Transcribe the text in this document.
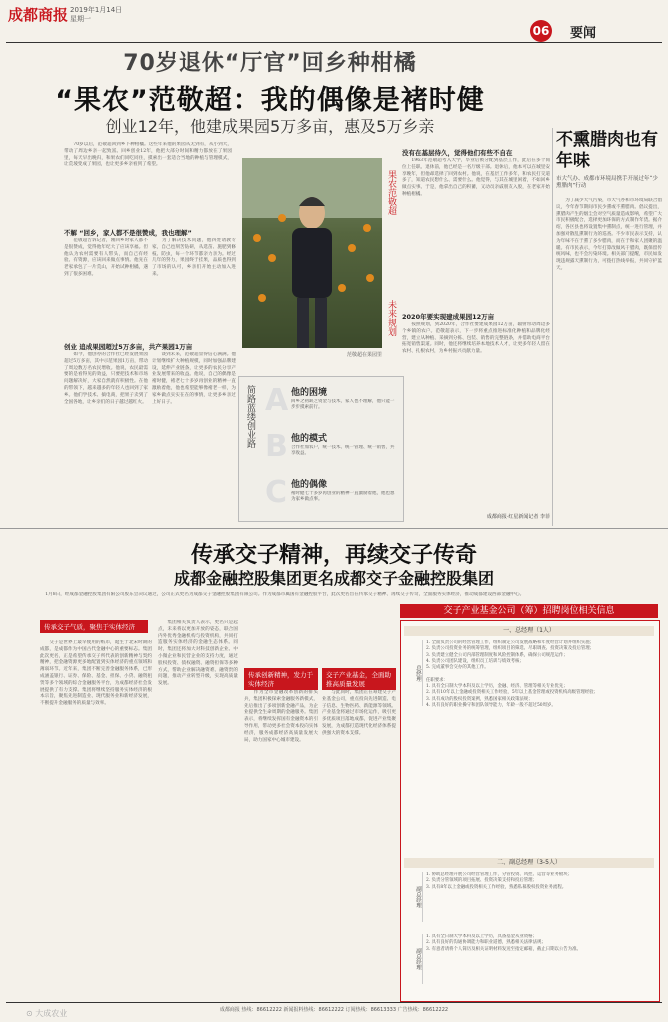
成都商报 2019年1月14日
星期一
06 要闻
70岁退休“厅官”回乡种柑橘
“果农”范敬超：我的偶像是褚时健
创业12年，他建成果园5万多亩，惠及5万乡亲
　　70岁以后，范敬超回到乡下种柑橘。这些年来他的果园从无到有，从小到大，带动了周边乡亲一起致富。回乡创业12年，他把大部分时间和精力都放在了果园里，每天早出晚归，和果农们同吃同住，摸索出一套适合当地的种植与管理模式，让荒坡变成了果园，也让更多乡亲看到了希望。
不解 “回乡，家人都不是很赞成，我也理解”
　　范敬超告诉记者，刚回乡时家人都不是很赞成，觉得他年纪大了应该享福。但他认为农村需要有人带头，而自己有经验、有资源，应该回来做点事情。他先在老家承包了一片荒山，开始试种柑橘，遇到了很多困难。
　　为了解决技术问题，他四处请教专家，自己也刻苦钻研，从选苗、施肥到修枝、防虫，每一个环节都亲力亲为。经过几年的努力，果园终于挂果，品质也得到了市场的认可，乡亲们开始主动加入进来。
创业 追成果园超过5万多亩，共产果园1万亩
　　如今，他创办的合作社已经发展果园超过5万多亩，其中示范果园1万亩，带动了周边数万名农民增收。他说，农民最需要的是看得见的效益，只要把技术和市场问题解决好，大家自然就有积极性。在他的带领下，越来越多的年轻人也回到了家乡。他们学技术、搞电商，把果子卖到了全国各地，让乡亲们的日子越过越红火。
　　谈到未来，范敬超显得信心满满。他计划继续扩大种植规模，同时加强品牌建设，延伸产业链条，让更多的农民分享产业发展带来的收益。他说，自己的偶像是褚时健，褚老七十多岁再创业的精神一直激励着他，他也希望能够像褚老一样，为家乡做点实实在在的事情，让更多乡亲过上好日子。
范敬超在果园里
果农范敬超
未来规划
没有在基层待久，觉得他们有些不自在
　　1963年范敬超考入大学，毕业后被分配到基层工作，此后在多个岗位上任职。退休前，他已经是一名厅级干部。退休后，他本可以在城里安享晚年，但他却选择了回到农村。他说，在基层工作多年，和农民打交道多了，知道农民想什么、需要什么。他觉得，与其在城里闲着，不如回乡做点实事。于是，他拿出自己的积蓄，又动员亲戚朋友入股，在老家开始种植柑橘。
2020年要实现建成果园12万亩
　　按照规划，到2020年，合作社要建成果园12万亩，辐射带动周边多个乡镇的农户。范敬超表示，下一步将重点推进标准化种植和品牌化经营，建立从种植、采摘到分拣、包装、销售的完整链条，并借助电商平台拓宽销售渠道。同时，他还将继续培养本地技术人才，让更多年轻人留在农村、扎根农村，为乡村振兴贡献力量。
成都商报·红星新闻记者 李菲
不熏腊肉也有年味
市大气办、成都市环境局携手开展过年“少熏腊肉”行动
　　为了减少大气污染，市大气办和市环境局联合倡议，今年春节期间市民少熏或不熏腊肉。倡议提出，熏腊肉产生的烟尘会对空气质量造成影响，希望广大市民积极配合，选择更加环保的方式制作年货。据介绍，各区县也将设置集中熏制点，统一进行管理，并加强对散乱熏制行为的巡查。不少市民表示支持，认为年味不在于熏了多少腊肉，而在于和家人团聚的温暖。有市民表示，今年打算改做风干腊肉，既保留传统风味，也不会污染环境。相关部门提醒，市民如发现违规露天熏制行为，可拨打热线举报，共同守护蓝天。
简路蓝缕创业路 A 他的困境
回乡之初缺乏资金与技术，家人也不理解，他只能一步步摸索前行。
B 他的模式
合作社加农户，统一技术、统一管理、统一销售，共享收益。
C 他的偶像
褚时健七十多岁再创业的精神一直激励着他，他也想为家乡做点事。
传承交子精神，再续交子传奇
成都金融控股集团更名成都交子金融控股集团
　　1月8日，经成都金融控股集团有限公司股东会决议通过，公司正式更名为成都交子金融控股集团有限公司。作为成都市属国有金融控股平台，此次更名旨在传承交子精神、再续交子传奇，全面服务实体经济，推动成都建设西部金融中心。
传承交子气质，聚焦于实体经济
　　交子是世界上最早使用的纸币，诞生于北宋时期的成都，是成都作为中国古代金融中心的重要标志。集团此次更名，正是希望传承交子所代表的创新精神与契约精神，把金融资源更多地配置到实体经济的重点领域和薄弱环节。近年来，集团不断完善金融服务体系，已形成涵盖银行、证券、保险、基金、担保、小贷、融资租赁等多个领域的综合金融服务平台，为成都经济社会发展提供了有力支撑。集团将继续坚持服务实体经济的根本宗旨，聚焦先进制造业、现代服务业和新经济发展，不断提升金融服务的质量与效率。
　　集团相关负责人表示，更名只是起点，未来将以更加开放的姿态，联合国内外优秀金融机构与投资机构，共同打造服务实体经济的金融生态体系。同时，集团还将加大对科技创新企业、中小微企业和民营企业的支持力度，通过股权投资、债权融资、融资担保等多种方式，帮助企业解决融资难、融资贵的问题，推动产业转型升级，实现高质量发展。
传承创新精神，发力于实体经济
　　作为全市金融改革创新的排头兵，集团积极探索金融服务新模式，先后推出了多项创新金融产品，为企业提供全生命周期的金融服务。集团表示，将继续发挥国有金融资本的引导作用，带动更多社会资本投向实体经济，服务成都经济高质量发展大局，助力国家中心城市建设。
交子产业基金，全面助推高质量发展
　　与此同时，集团正在筹建交子产业基金公司，重点投向先进制造、电子信息、生物医药、新能源等领域。产业基金将通过市场化运作，吸引更多优质项目落地成都，促进产业集聚发展，为成都打造现代化经济体系提供强大的资本支撑。
交子产业基金公司（筹）招聘岗位相关信息
一、总经理（1人）
总经理
1. 全面负责公司的经营管理工作，组织制定公司发展战略和年度经营计划并组织实施；
2. 负责公司投资业务的统筹管理，组织项目的筛选、尽职调查、投资决策及投后管理；
3. 负责建立健全公司内部管理制度和风险控制体系，确保公司规范运作；
4. 负责公司团队建设，组织员工培训与绩效考核；
5. 完成董事会交办的其他工作。

任职要求：
1. 具有全日制大学本科及以上学历，金融、经济、管理等相关专业优先；
2. 具有10年以上金融或投资相关工作经验，5年以上基金管理或投资机构高级管理经验；
3. 具有成功的股权投资案例，熟悉国家相关政策法规；
4. 具有良好的职业操守和团队领导能力，年龄一般不超过50周岁。
二、副总经理（3-5人）
副总经理
1. 协助总经理开展公司经营管理工作，分管投资、风控、运营等业务板块；
2. 负责分管领域的项目拓展、投资决策支持和投后管理；
3. 具有8年以上金融或投资相关工作经验，熟悉私募股权投资业务流程。
副总经理
1. 具有全日制大学本科及以上学历，具备基金从业资格；
2. 具有良好的沟通协调能力和职业道德，熟悉相关法律法规；
3. 有意者请将个人简历及相关证明材料发送至指定邮箱，截止日期以公告为准。
成都商报 热线：86612222 新闻报料热线：86612222 订阅热线：86613333 广告热线：86612222
⊙ 大成农业
